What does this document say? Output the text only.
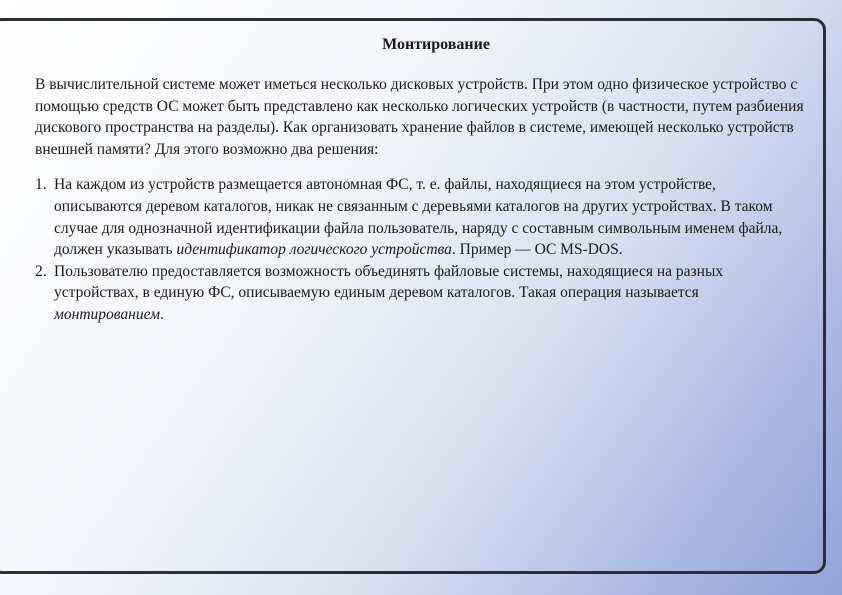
Монтирование
В вычислительной системе может иметься несколько дисковых устройств. При этом одно физическое устройство с помощью средств ОС может быть представлено как несколько логических устройств (в частности, путем разбиения дискового пространства на разделы). Как организовать хранение файлов в системе, имеющей несколько устройств внешней памяти? Для этого возможно два решения:
1. На каждом из устройств размещается автономная ФС, т. е. файлы, находящиеся на этом устройстве, описываются деревом каталогов, никак не связанным с деревьями каталогов на других устройствах. В таком случае для однозначной идентификации файла пользователь, наряду с составным символьным именем файла, должен указывать идентификатор логического устройства. Пример — ОС MS-DOS.
2. Пользователю предоставляется возможность объединять файловые системы, находящиеся на разных устройствах, в единую ФС, описываемую единым деревом каталогов. Такая операция называется монтированием.
